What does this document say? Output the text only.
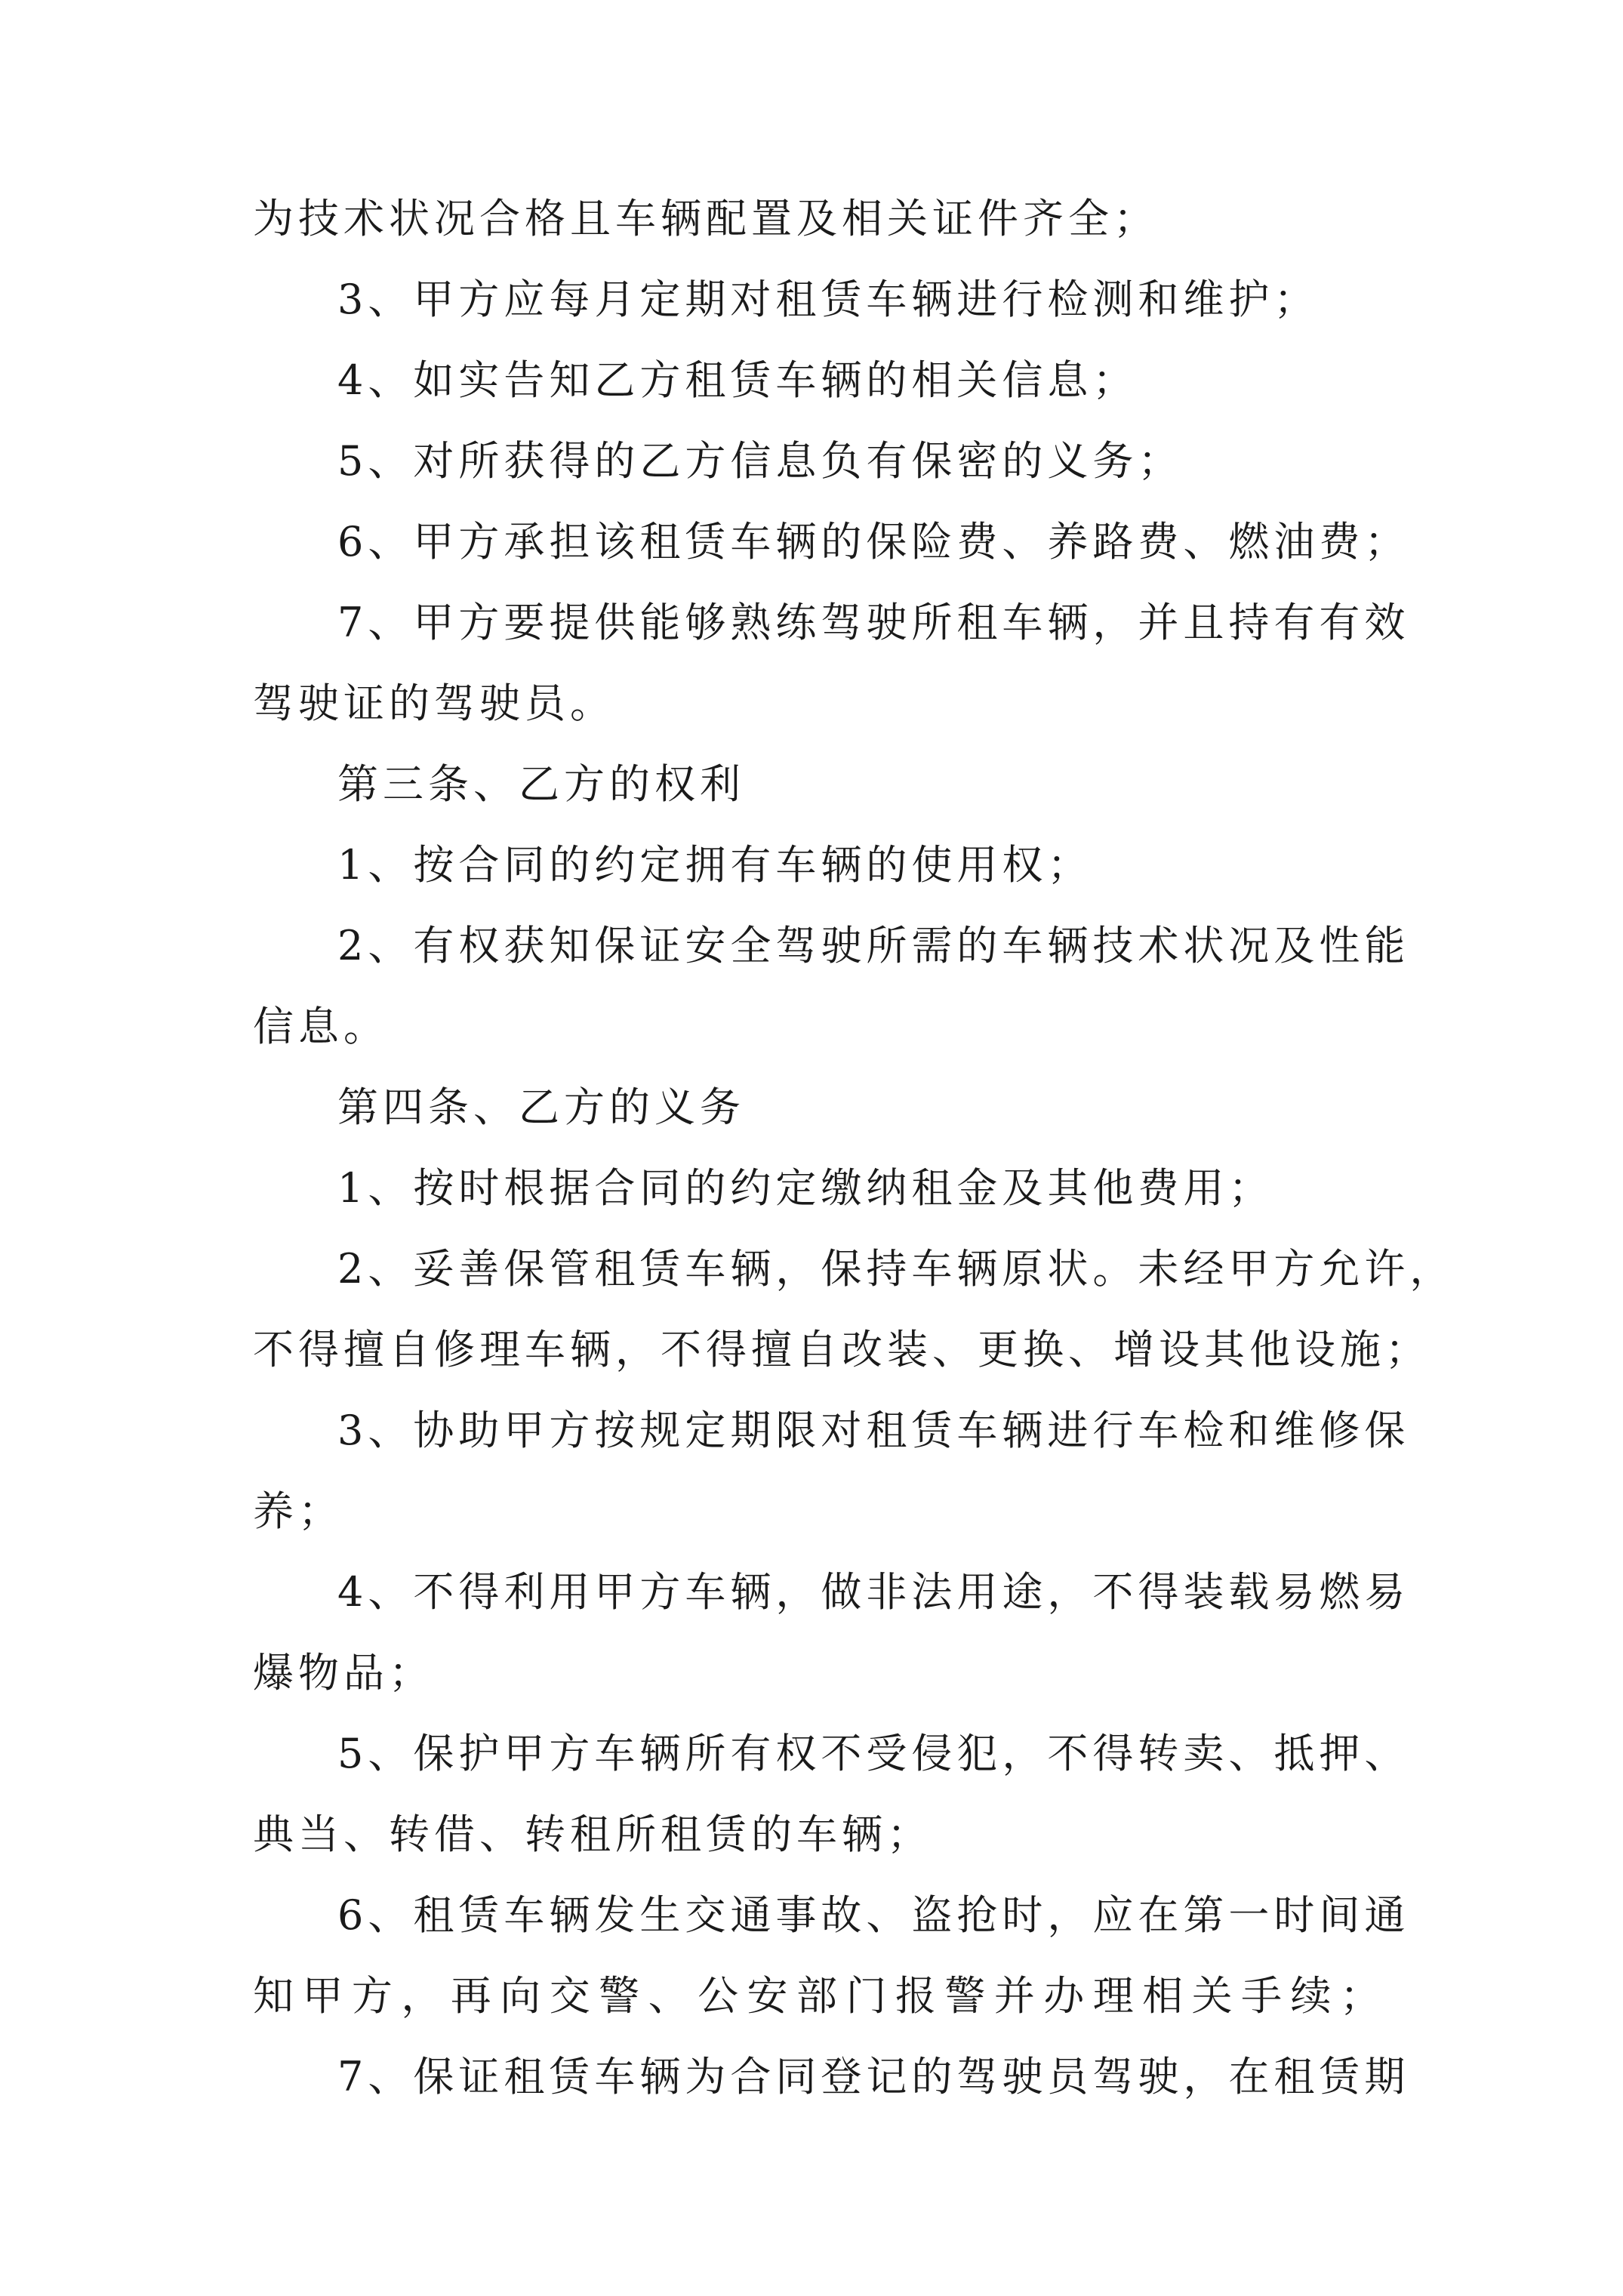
为技术状况合格且车辆配置及相关证件齐全；
3、甲方应每月定期对租赁车辆进行检测和维护；
4、如实告知乙方租赁车辆的相关信息；
5、对所获得的乙方信息负有保密的义务；
6、甲方承担该租赁车辆的保险费、养路费、燃油费；
7、甲方要提供能够熟练驾驶所租车辆，并且持有有效
驾驶证的驾驶员。
第三条、乙方的权利
1、按合同的约定拥有车辆的使用权；
2、有权获知保证安全驾驶所需的车辆技术状况及性能
信息。
第四条、乙方的义务
1、按时根据合同的约定缴纳租金及其他费用；
2、妥善保管租赁车辆，保持车辆原状。未经甲方允许，
不得擅自修理车辆，不得擅自改装、更换、增设其他设施；
3、协助甲方按规定期限对租赁车辆进行车检和维修保
养；
4、不得利用甲方车辆，做非法用途，不得装载易燃易
爆物品；
5、保护甲方车辆所有权不受侵犯，不得转卖、抵押、
典当、转借、转租所租赁的车辆；
6、租赁车辆发生交通事故、盗抢时，应在第一时间通
知甲方，再向交警、公安部门报警并办理相关手续；
7、保证租赁车辆为合同登记的驾驶员驾驶，在租赁期
